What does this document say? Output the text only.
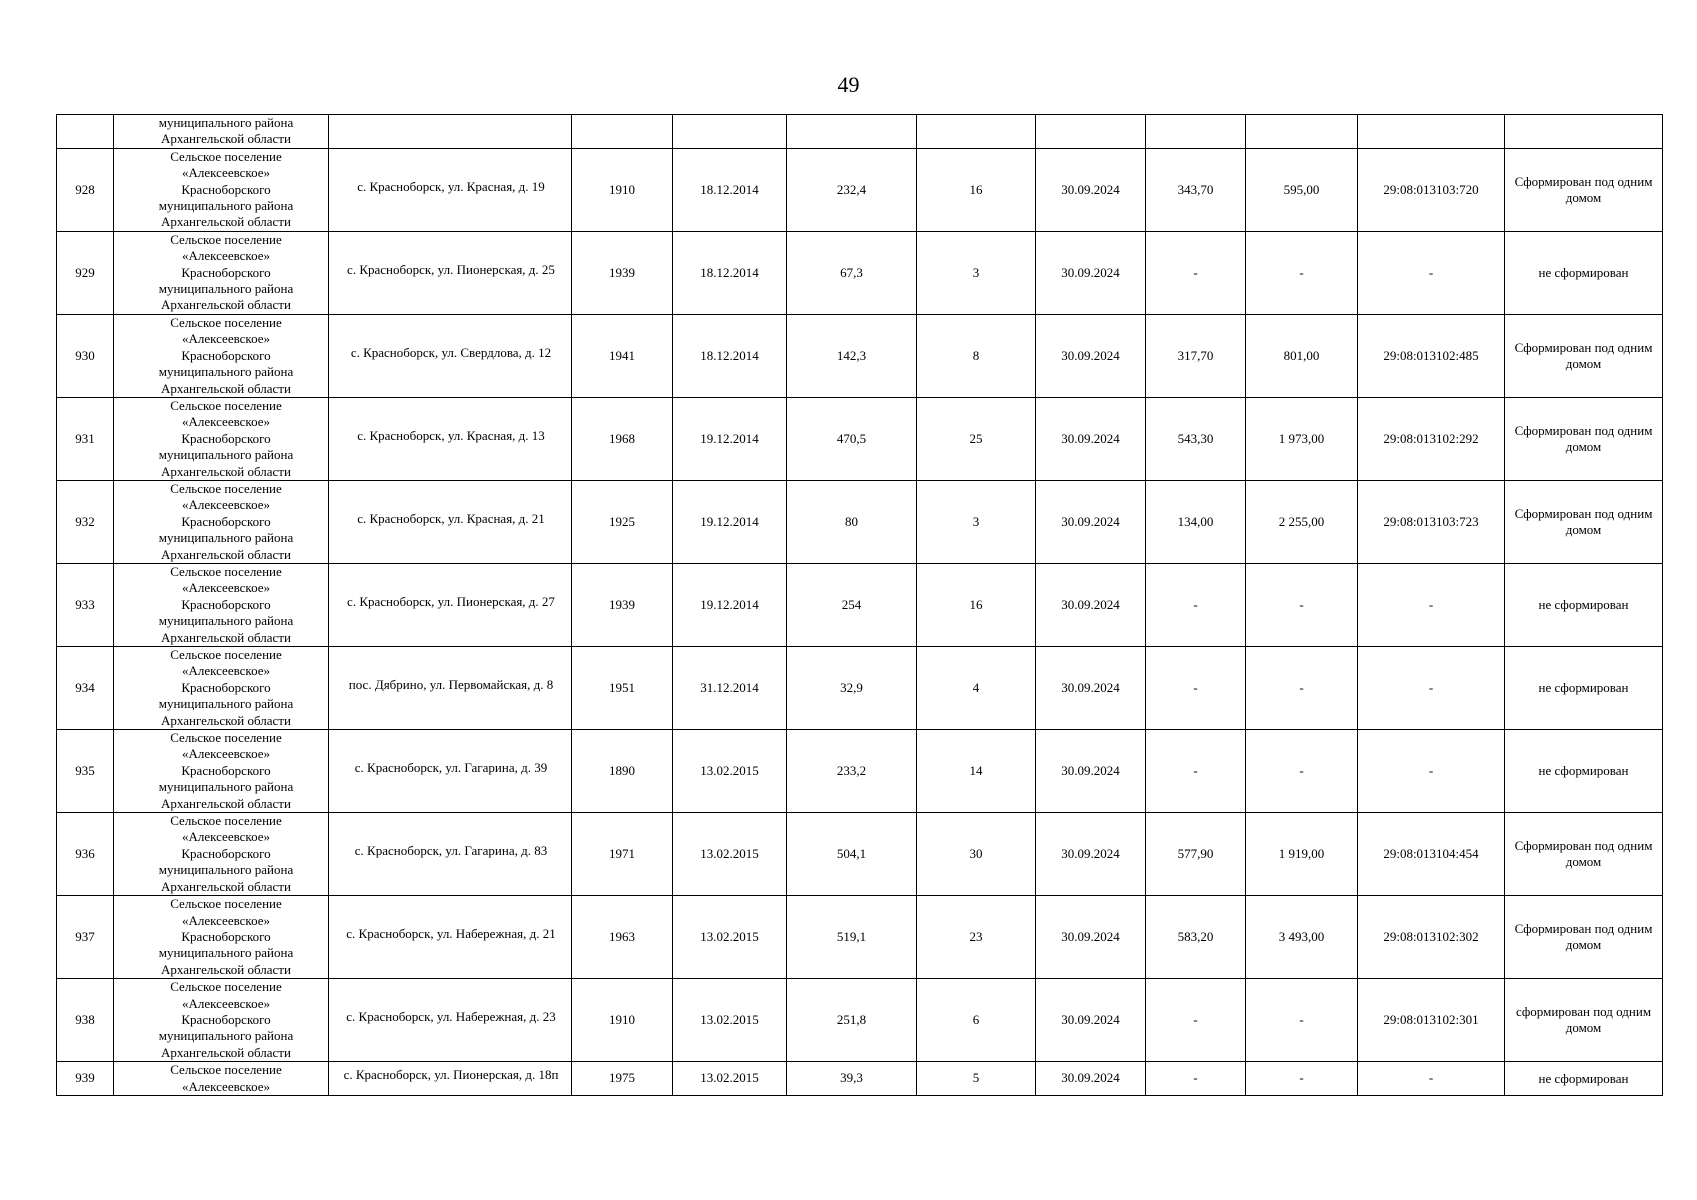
49

	муниципального района
Архангельской области										

928	Сельское поселение
«Алексеевское»
Красноборского
муниципального района
Архангельской области	с. Красноборск, ул. Красная, д. 19	1910	18.12.2014	232,4	16	30.09.2024	343,70	595,00	29:08:013103:720	Сформирован под одним домом
929	Сельское поселение
«Алексеевское»
Красноборского
муниципального района
Архангельской области	с. Красноборск, ул. Пионерская, д. 25	1939	18.12.2014	67,3	3	30.09.2024	-	-	-	не сформирован
930	Сельское поселение
«Алексеевское»
Красноборского
муниципального района
Архангельской области	с. Красноборск, ул. Свердлова, д. 12	1941	18.12.2014	142,3	8	30.09.2024	317,70	801,00	29:08:013102:485	Сформирован под одним домом
931	Сельское поселение
«Алексеевское»
Красноборского
муниципального района
Архангельской области	с. Красноборск, ул. Красная, д. 13	1968	19.12.2014	470,5	25	30.09.2024	543,30	1 973,00	29:08:013102:292	Сформирован под одним домом
932	Сельское поселение
«Алексеевское»
Красноборского
муниципального района
Архангельской области	с. Красноборск, ул. Красная, д. 21	1925	19.12.2014	80	3	30.09.2024	134,00	2 255,00	29:08:013103:723	Сформирован под одним домом
933	Сельское поселение
«Алексеевское»
Красноборского
муниципального района
Архангельской области	с. Красноборск, ул. Пионерская, д. 27	1939	19.12.2014	254	16	30.09.2024	-	-	-	не сформирован
934	Сельское поселение
«Алексеевское»
Красноборского
муниципального района
Архангельской области	пос. Дябрино, ул. Первомайская, д. 8	1951	31.12.2014	32,9	4	30.09.2024	-	-	-	не сформирован
935	Сельское поселение
«Алексеевское»
Красноборского
муниципального района
Архангельской области	с. Красноборск, ул. Гагарина, д. 39	1890	13.02.2015	233,2	14	30.09.2024	-	-	-	не сформирован
936	Сельское поселение
«Алексеевское»
Красноборского
муниципального района
Архангельской области	с. Красноборск, ул. Гагарина, д. 83	1971	13.02.2015	504,1	30	30.09.2024	577,90	1 919,00	29:08:013104:454	Сформирован под одним домом
937	Сельское поселение
«Алексеевское»
Красноборского
муниципального района
Архангельской области	с. Красноборск, ул. Набережная, д. 21	1963	13.02.2015	519,1	23	30.09.2024	583,20	3 493,00	29:08:013102:302	Сформирован под одним домом
938	Сельское поселение
«Алексеевское»
Красноборского
муниципального района
Архангельской области	с. Красноборск, ул. Набережная, д. 23	1910	13.02.2015	251,8	6	30.09.2024	-	-	29:08:013102:301	сформирован под одним домом
939	Сельское поселение
«Алексеевское»	с. Красноборск, ул. Пионерская, д. 18п	1975	13.02.2015	39,3	5	30.09.2024	-	-	-	не сформирован
